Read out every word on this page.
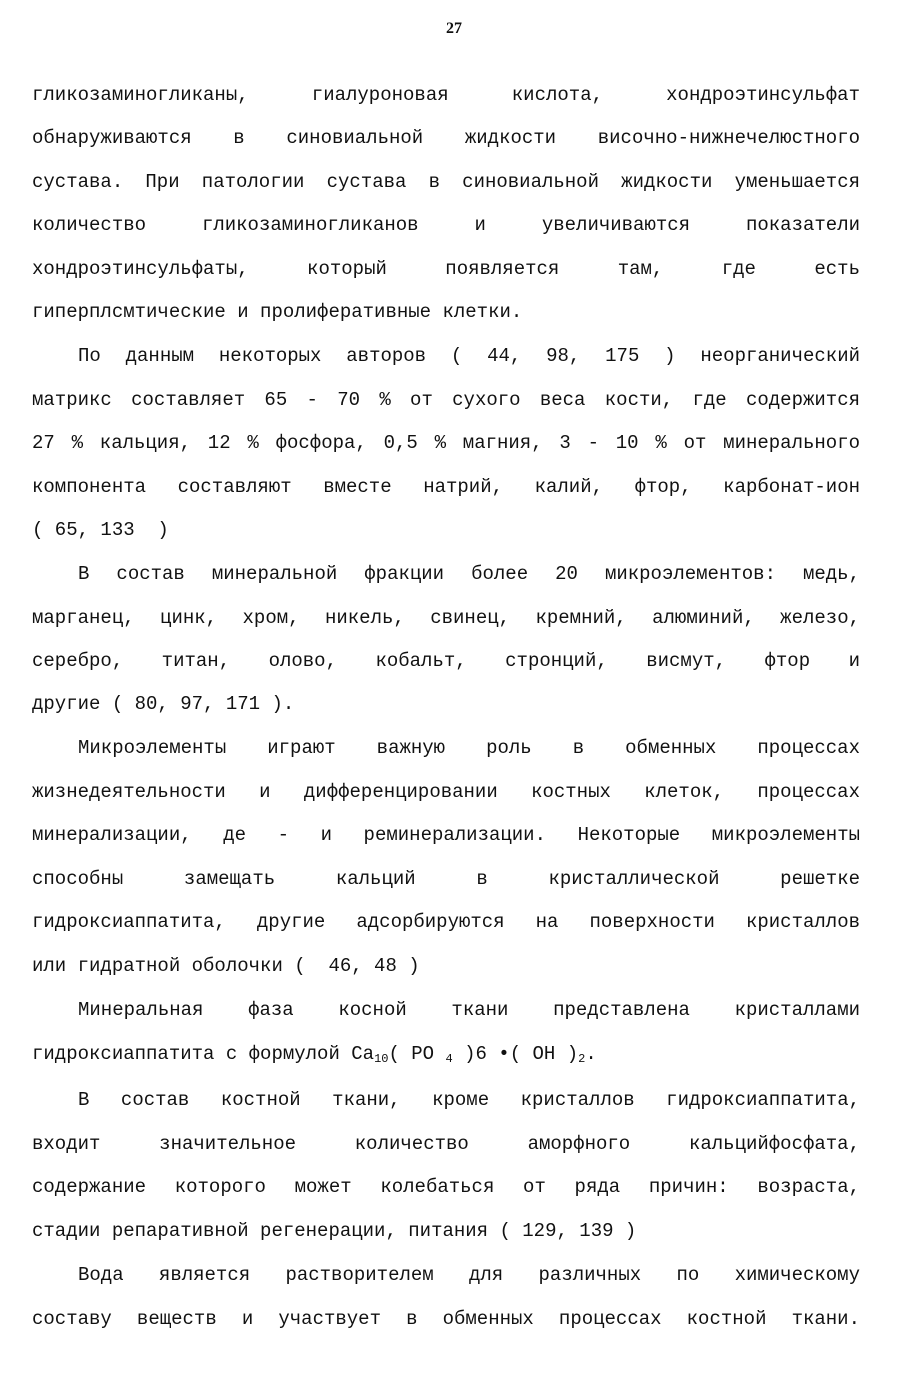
27
гликозаминогликаны, гиалуроновая кислота, хондроэтинсульфат
обнаруживаются в синовиальной жидкости височно-нижнечелюстного
сустава. При патологии сустава в синовиальной жидкости уменьшается
количество гликозаминогликанов и увеличиваются показатели
хондроэтинсульфаты, который появляется там, где есть
гиперплсмтические и пролиферативные клетки.
По данным некоторых авторов ( 44, 98, 175 ) неорганический
матрикс составляет 65 - 70 % от сухого веса кости, где содержится
27 % кальция, 12 % фосфора, 0,5 % магния, 3 - 10 % от минерального
компонента составляют вместе натрий, калий, фтор, карбонат-ион
( 65, 133  )
В состав минеральной фракции более 20 микроэлементов: медь,
марганец, цинк, хром, никель, свинец, кремний, алюминий, железо,
серебро, титан, олово, кобальт, стронций, висмут, фтор и
другие ( 80, 97, 171 ).
Микроэлементы играют важную роль в обменных процессах
жизнедеятельности и дифференцировании костных клеток, процессах
минерализации, де - и реминерализации. Некоторые микроэлементы
способны замещать кальций в кристаллической решетке
гидроксиаппатита, другие адсорбируются на поверхности кристаллов
или гидратной оболочки (  46, 48 )
Минеральная фаза косной ткани представлена кристаллами
гидроксиаппатита с формулой $Ca_{10}$( PO $_4$ )6 •( OH )$_2$.
В состав костной ткани, кроме кристаллов гидроксиаппатита,
входит значительное количество аморфного кальцийфосфата,
содержание которого может колебаться от ряда причин: возраста,
стадии репаративной регенерации, питания ( 129, 139 )
Вода является растворителем для различных по химическому
составу веществ и участвует в обменных процессах костной ткани.
